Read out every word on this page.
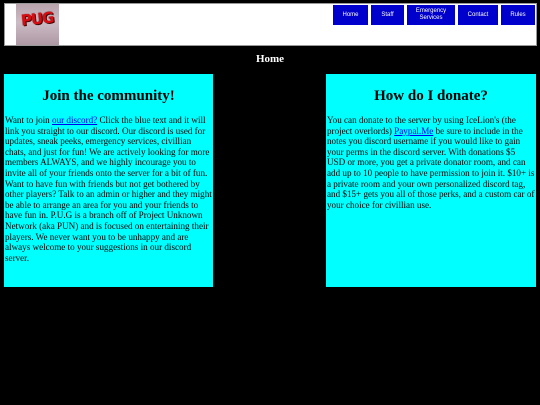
PUG	Home	Staff
Emergency
Services
Contact	Rules
Home
Join the community!
Want to join our discord? Click the blue text and it will link you straight to our discord. Our discord is used for updates, sneak peeks, emergency services, civillian chats, and just for fun! We are actively looking for more members ALWAYS, and we highly incourage you to invite all of your friends onto the server for a bit of fun. Want to have fun with friends but not get bothered by other players? Talk to an admin or higher and they might be able to arrange an area for you and your friends to have fun in. P.U.G is a branch off of Project Unknown Network (aka PUN) and is focused on entertaining their players. We never want you to be unhappy and are always welcome to your suggestions in our discord server.
How do I donate?
You can donate to the server by using IceLion's (the project overlords) Paypal.Me be sure to include in the notes you discord username if you would like to gain your perms in the discord server. With donations $5 USD or more, you get a private donator room, and can add up to 10 people to have permission to join it. $10+ is a private room and your own personalized discord tag, and $15+ gets you all of those perks, and a custom car of your choice for civillian use.
